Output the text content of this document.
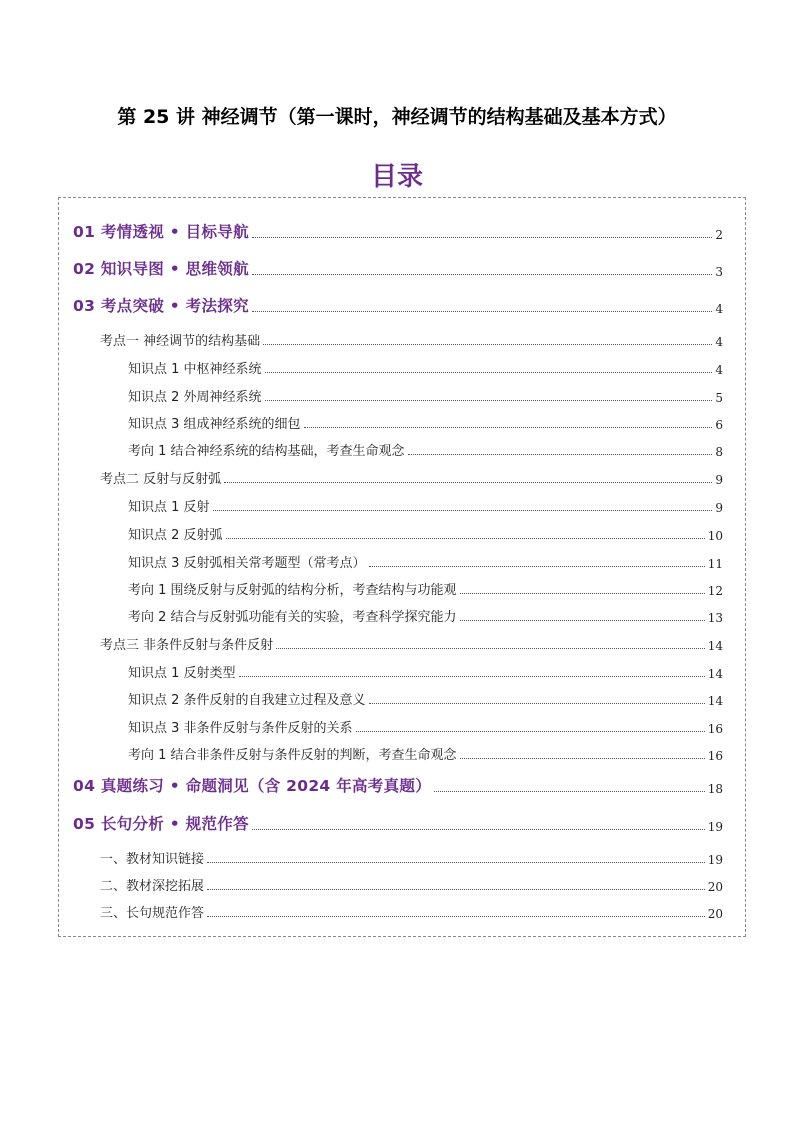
第 25 讲 神经调节（第一课时，神经调节的结构基础及基本方式）
目录
01 考情透视 • 目标导航	2
02 知识导图 • 思维领航	3
03 考点突破 • 考法探究	4
考点一 神经调节的结构基础	4
知识点 1 中枢神经系统	4
知识点 2 外周神经系统	5
知识点 3 组成神经系统的细包	6
考向 1 结合神经系统的结构基础，考查生命观念	8
考点二 反射与反射弧	9
知识点 1 反射	9
知识点 2 反射弧	10
知识点 3 反射弧相关常考题型（常考点）	11
考向 1 围绕反射与反射弧的结构分析，考查结构与功能观	12
考向 2 结合与反射弧功能有关的实验，考查科学探究能力	13
考点三 非条件反射与条件反射	14
知识点 1 反射类型	14
知识点 2 条件反射的自我建立过程及意义	14
知识点 3 非条件反射与条件反射的关系	16
考向 1 结合非条件反射与条件反射的判断，考查生命观念	16
04 真题练习 • 命题洞见（含 2024 年高考真题）	18
05 长句分析 • 规范作答	19
一、教材知识链接	19
二、教材深挖拓展	20
三、长句规范作答	20
